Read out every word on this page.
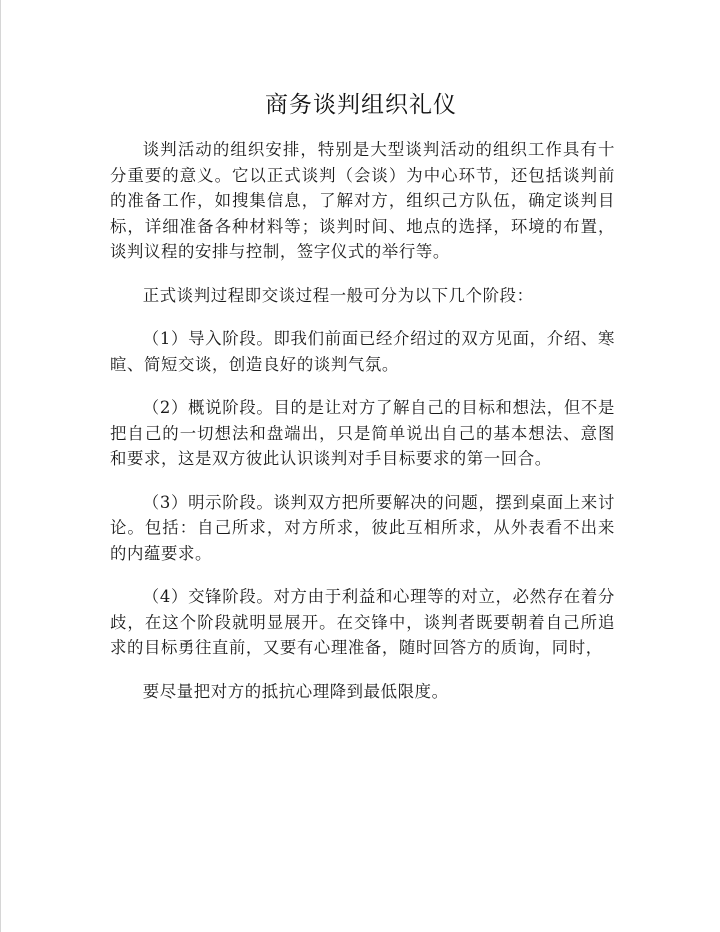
商务谈判组织礼仪

谈判活动的组织安排，特别是大型谈判活动的组织工作具有十分重要的意义。它以正式谈判（会谈）为中心环节，还包括谈判前的准备工作，如搜集信息，了解对方，组织己方队伍，确定谈判目标，详细准备各种材料等；谈判时间、地点的选择，环境的布置，谈判议程的安排与控制，签字仪式的举行等。

正式谈判过程即交谈过程一般可分为以下几个阶段：

（1）导入阶段。即我们前面已经介绍过的双方见面，介绍、寒暄、简短交谈，创造良好的谈判气氛。

（2）概说阶段。目的是让对方了解自己的目标和想法，但不是把自己的一切想法和盘端出，只是简单说出自己的基本想法、意图和要求，这是双方彼此认识谈判对手目标要求的第一回合。

（3）明示阶段。谈判双方把所要解决的问题，摆到桌面上来讨论。包括：自己所求，对方所求，彼此互相所求，从外表看不出来的内蕴要求。

（4）交锋阶段。对方由于利益和心理等的对立，必然存在着分歧，在这个阶段就明显展开。在交锋中，谈判者既要朝着自己所追求的目标勇往直前，又要有心理准备，随时回答方的质询，同时，

要尽量把对方的抵抗心理降到最低限度。
